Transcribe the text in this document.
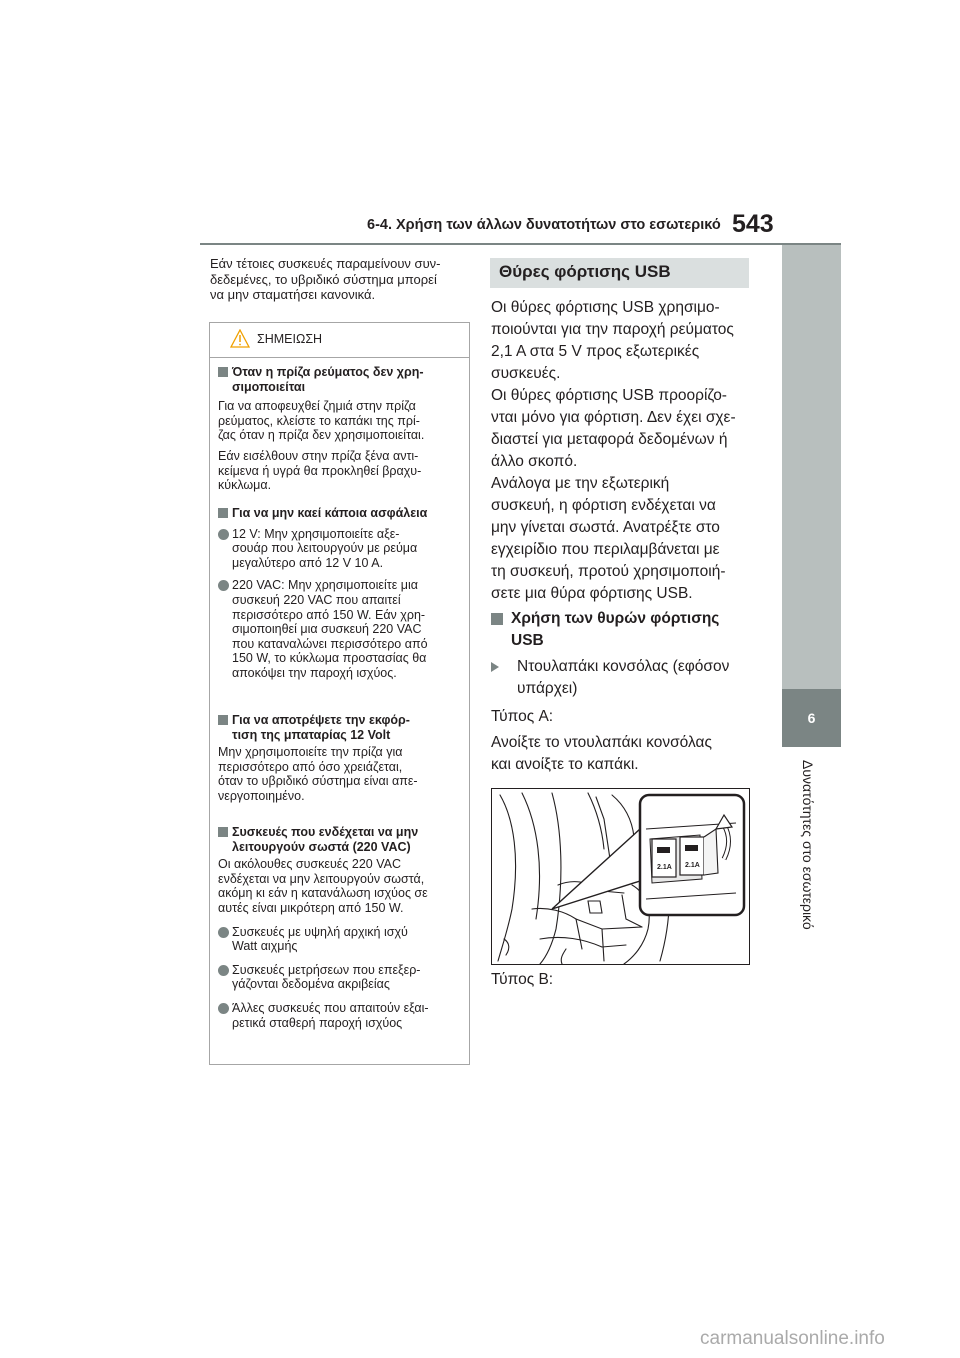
6-4. Χρήση των άλλων δυνατοτήτων στο εσωτερικό 543
6
Δυνατότητες στο εσωτερικό
Εάν τέτοιες συσκευές παραμείνουν συν-
δεδεμένες, το υβριδικό σύστημα μπορεί
να μην σταματήσει κανονικά.
ΣΗΜΕΙΩΣΗ
Όταν η πρίζα ρεύματος δεν χρη-
σιμοποιείται
Για να αποφευχθεί ζημιά στην πρίζα
ρεύματος, κλείστε το καπάκι της πρί-
ζας όταν η πρίζα δεν χρησιμοποιείται.
Εάν εισέλθουν στην πρίζα ξένα αντι-
κείμενα ή υγρά θα προκληθεί βραχυ-
κύκλωμα.
Για να μην καεί κάποια ασφάλεια
12 V: Μην χρησιμοποιείτε αξε-
σουάρ που λειτουργούν με ρεύμα
μεγαλύτερο από 12 V 10 A.
220 VAC: Μην χρησιμοποιείτε μια
συσκευή 220 VAC που απαιτεί
περισσότερο από 150 W. Εάν χρη-
σιμοποιηθεί μια συσκευή 220 VAC
που καταναλώνει περισσότερο από
150 W, το κύκλωμα προστασίας θα
αποκόψει την παροχή ισχύος.
Για να αποτρέψετε την εκφόρ-
τιση της μπαταρίας 12 Volt
Μην χρησιμοποιείτε την πρίζα για
περισσότερο από όσο χρειάζεται,
όταν το υβριδικό σύστημα είναι απε-
νεργοποιημένο.
Συσκευές που ενδέχεται να μην
λειτουργούν σωστά (220 VAC)
Οι ακόλουθες συσκευές 220 VAC
ενδέχεται να μην λειτουργούν σωστά,
ακόμη κι εάν η κατανάλωση ισχύος σε
αυτές είναι μικρότερη από 150 W.
Συσκευές με υψηλή αρχική ισχύ
Watt αιχμής
Συσκευές μετρήσεων που επεξερ-
γάζονται δεδομένα ακριβείας
Άλλες συσκευές που απαιτούν εξαι-
ρετικά σταθερή παροχή ισχύος
Θύρες φόρτισης USB
Οι θύρες φόρτισης USB χρησιμο-
ποιούνται για την παροχή ρεύματος
2,1 A στα 5 V προς εξωτερικές
συσκευές.
Οι θύρες φόρτισης USB προορίζο-
νται μόνο για φόρτιση. Δεν έχει σχε-
διαστεί για μεταφορά δεδομένων ή
άλλο σκοπό.
Ανάλογα με την εξωτερική
συσκευή, η φόρτιση ενδέχεται να
μην γίνεται σωστά. Ανατρέξτε στο
εγχειρίδιο που περιλαμβάνεται με
τη συσκευή, προτού χρησιμοποιή-
σετε μια θύρα φόρτισης USB.
Χρήση των θυρών φόρτισης
USB
Ντουλαπάκι κονσόλας (εφόσον
υπάρχει)
Τύπος A:
Ανοίξτε το ντουλαπάκι κονσόλας
και ανοίξτε το καπάκι.
2.1A 2.1A
Τύπος B:
carmanualsonline.info
